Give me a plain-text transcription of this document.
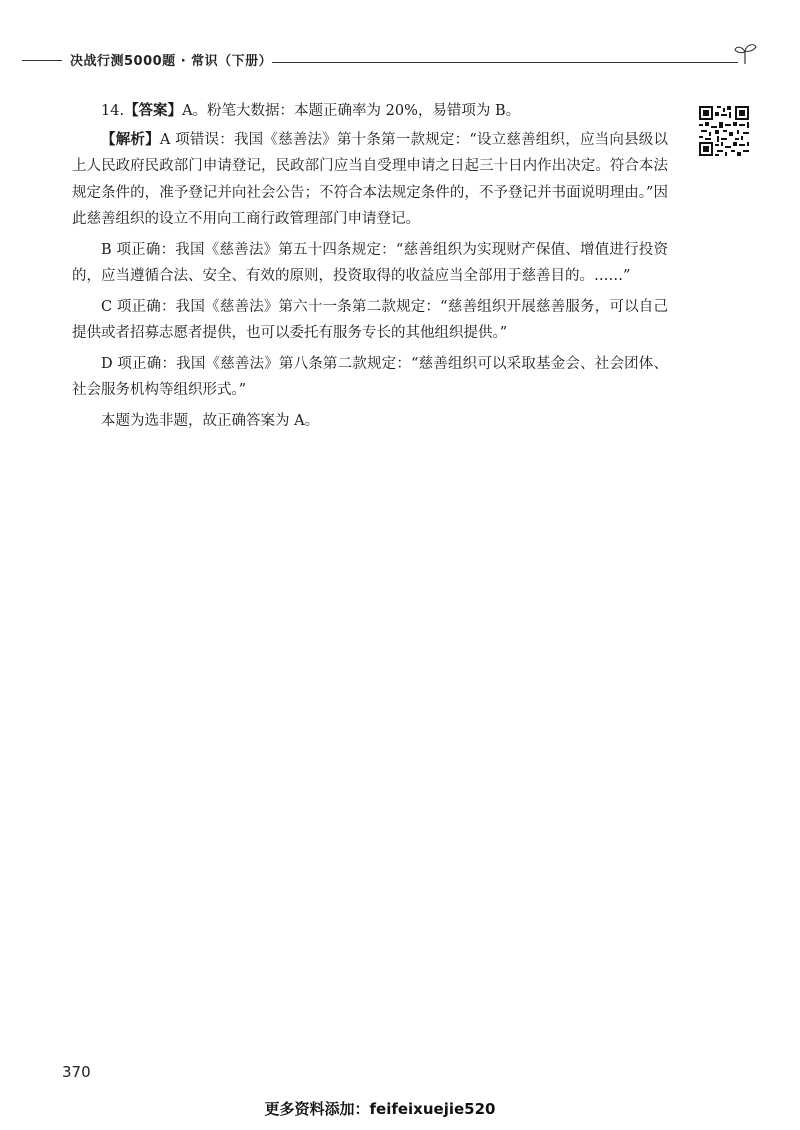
决战行测5000题 · 常识（下册）

14.【答案】A。粉笔大数据：本题正确率为 20%，易错项为 B。

【解析】A 项错误：我国《慈善法》第十条第一款规定：“设立慈善组织，应当向县级以上人民政府民政部门申请登记，民政部门应当自受理申请之日起三十日内作出决定。符合本法规定条件的，准予登记并向社会公告；不符合本法规定条件的，不予登记并书面说明理由。”因此慈善组织的设立不用向工商行政管理部门申请登记。

B 项正确：我国《慈善法》第五十四条规定：“慈善组织为实现财产保值、增值进行投资的，应当遵循合法、安全、有效的原则，投资取得的收益应当全部用于慈善目的。……”

C 项正确：我国《慈善法》第六十一条第二款规定：“慈善组织开展慈善服务，可以自己提供或者招募志愿者提供，也可以委托有服务专长的其他组织提供。”

D 项正确：我国《慈善法》第八条第二款规定：“慈善组织可以采取基金会、社会团体、社会服务机构等组织形式。”

本题为选非题，故正确答案为 A。

370
更多资料添加：feifeixuejie520
